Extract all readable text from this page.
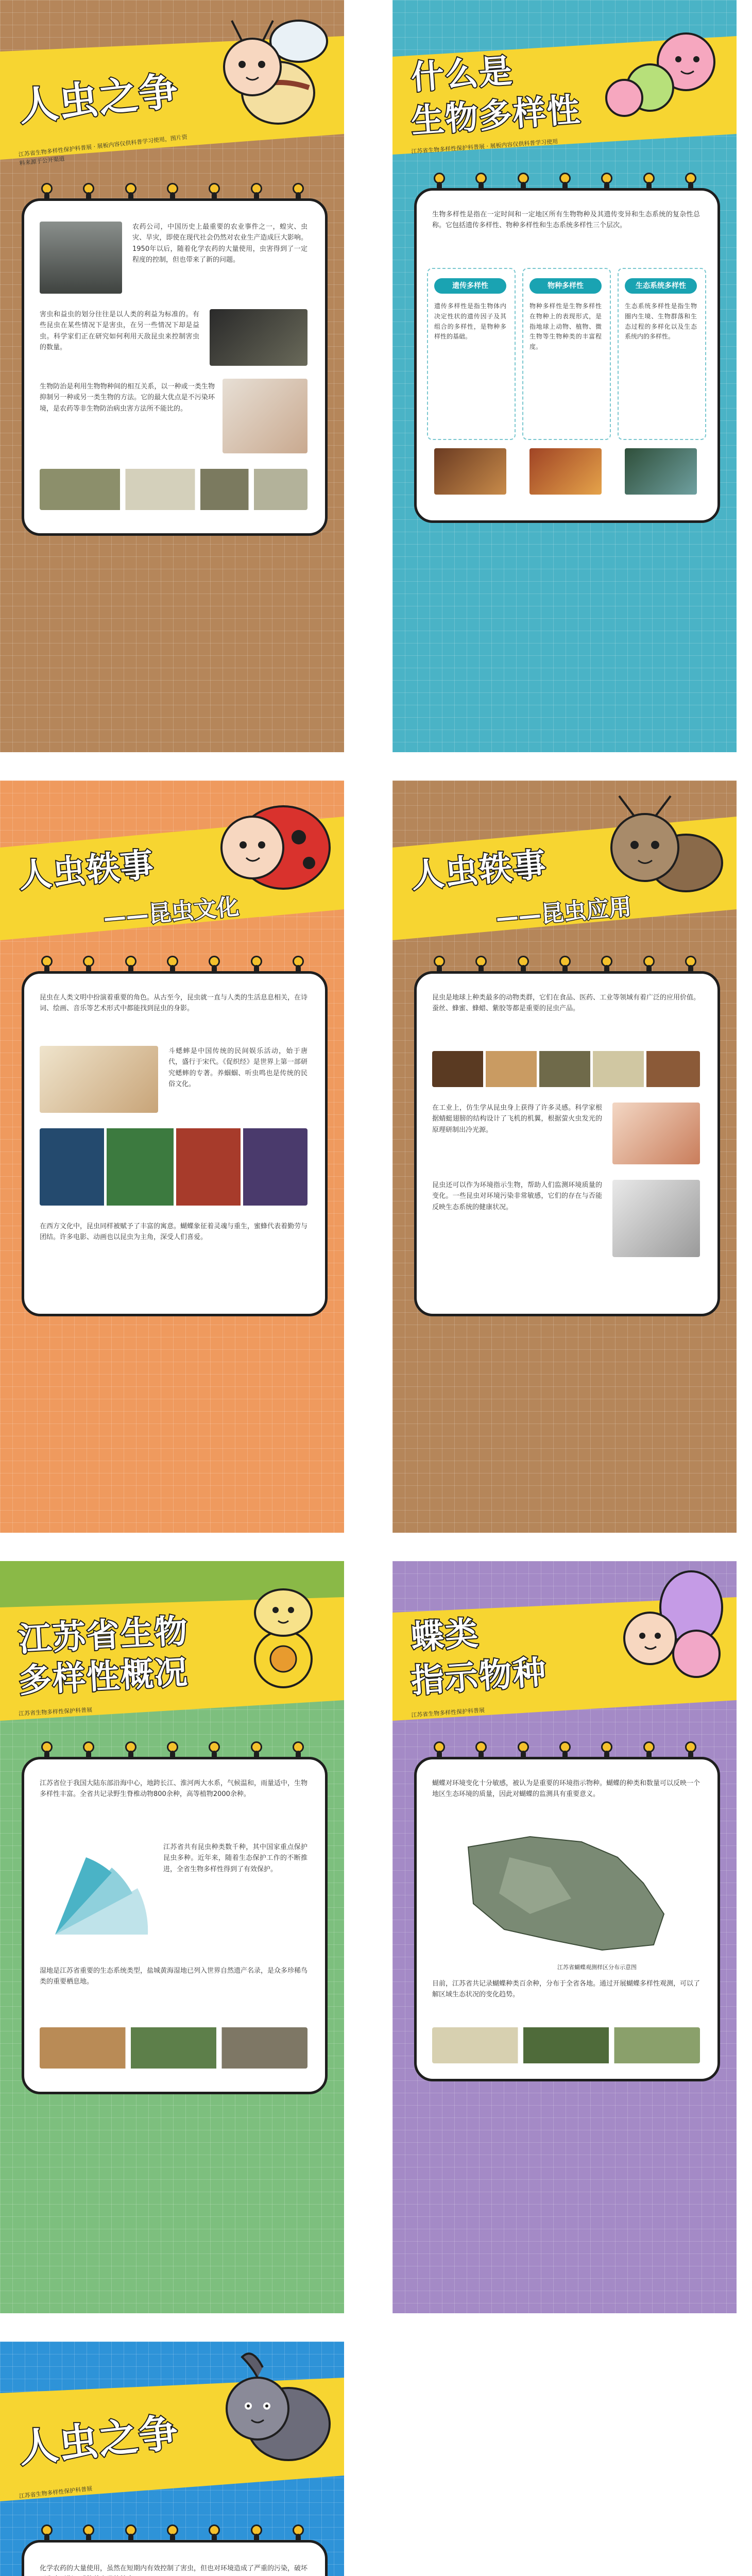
人虫之争
江苏省生物多样性保护科普展 · 展板内容仅供科普学习使用，图片资料来源于公开渠道
农药公司，中国历史上最重要的农业事件之一，蝗灾、虫灾、旱灾，即使在现代社会仍然对农业生产造成巨大影响。1950年以后，随着化学农药的大量使用，虫害得到了一定程度的控制，但也带来了新的问题。
害虫和益虫的划分往往是以人类的利益为标准的。有些昆虫在某些情况下是害虫，在另一些情况下却是益虫。科学家们正在研究如何利用天敌昆虫来控制害虫的数量。
生物防治是利用生物物种间的相互关系，以一种或一类生物抑制另一种或另一类生物的方法。它的最大优点是不污染环境，是农药等非生物防治病虫害方法所不能比的。
什么是
生物多样性
江苏省生物多样性保护科普展 · 展板内容仅供科普学习使用
生物多样性是指在一定时间和一定地区所有生物物种及其遗传变异和生态系统的复杂性总称。它包括遗传多样性、物种多样性和生态系统多样性三个层次。
遗传多样性	物种多样性	生态系统多样性
遗传多样性是指生物体内决定性状的遗传因子及其组合的多样性，是物种多样性的基础。
物种多样性是生物多样性在物种上的表现形式，是指地球上动物、植物、微生物等生物种类的丰富程度。
生态系统多样性是指生物圈内生境、生物群落和生态过程的多样化以及生态系统内的多样性。
人虫轶事
——昆虫文化
昆虫在人类文明中扮演着重要的角色。从古至今，昆虫就一直与人类的生活息息相关，在诗词、绘画、音乐等艺术形式中都能找到昆虫的身影。
斗蟋蟀是中国传统的民间娱乐活动，始于唐代，盛行于宋代。《促织经》是世界上第一部研究蟋蟀的专著。养蝈蝈、听虫鸣也是传统的民俗文化。
在西方文化中，昆虫同样被赋予了丰富的寓意。蝴蝶象征着灵魂与重生，蜜蜂代表着勤劳与团结。许多电影、动画也以昆虫为主角，深受人们喜爱。
人虫轶事
——昆虫应用
昆虫是地球上种类最多的动物类群，它们在食品、医药、工业等领域有着广泛的应用价值。蚕丝、蜂蜜、蜂蜡、紫胶等都是重要的昆虫产品。
在工业上，仿生学从昆虫身上获得了许多灵感。科学家根据蜻蜓翅膀的结构设计了飞机的机翼，根据萤火虫发光的原理研制出冷光源。
昆虫还可以作为环境指示生物，帮助人们监测环境质量的变化。一些昆虫对环境污染非常敏感，它们的存在与否能反映生态系统的健康状况。
江苏省生物
多样性概况
江苏省生物多样性保护科普展
江苏省位于我国大陆东部沿海中心，地跨长江、淮河两大水系，气候温和，雨量适中，生物多样性丰富。全省共记录野生脊椎动物800余种，高等植物2000余种。
江苏省共有昆虫种类数千种，其中国家重点保护昆虫多种。近年来，随着生态保护工作的不断推进，全省生物多样性得到了有效保护。
湿地是江苏省重要的生态系统类型，盐城黄海湿地已列入世界自然遗产名录，是众多珍稀鸟类的重要栖息地。
蝶类
指示物种
江苏省生物多样性保护科普展
蝴蝶对环境变化十分敏感，被认为是重要的环境指示物种。蝴蝶的种类和数量可以反映一个地区生态环境的质量，因此对蝴蝶的监测具有重要意义。
江苏省蝴蝶观测样区分布示意图
目前，江苏省共记录蝴蝶种类百余种，分布于全省各地。通过开展蝴蝶多样性观测，可以了解区域生态状况的变化趋势。
人虫之争
江苏省生物多样性保护科普展
化学农药的大量使用，虽然在短期内有效控制了害虫，但也对环境造成了严重的污染，破坏
